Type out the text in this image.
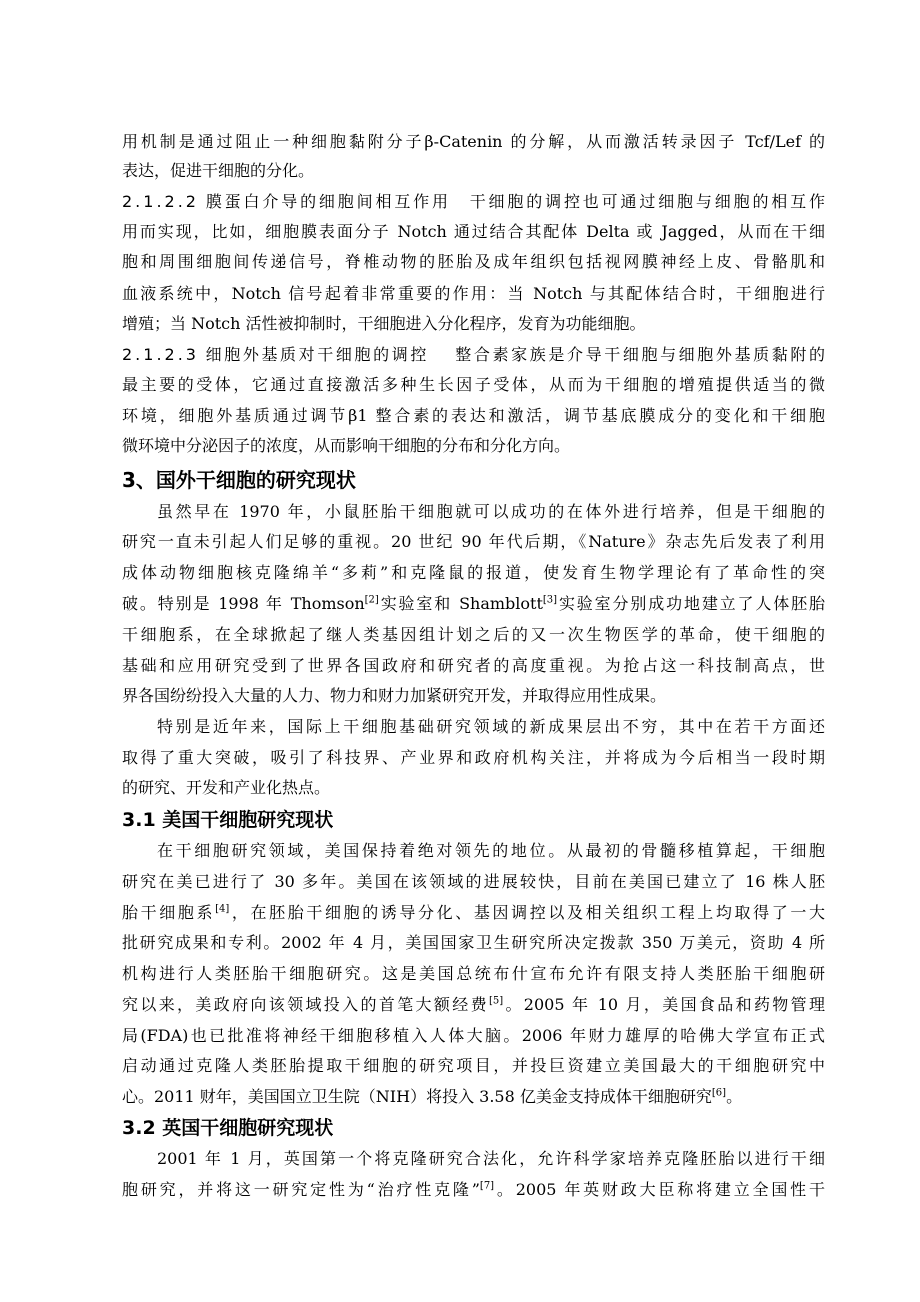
用机制是通过阻止一种细胞黏附分子β-Catenin 的分解，从而激活转录因子 Tcf/Lef 的
表达，促进干细胞的分化。
2.1.2.2 膜蛋白介导的细胞间相互作用　干细胞的调控也可通过细胞与细胞的相互作
用而实现，比如，细胞膜表面分子 Notch 通过结合其配体 Delta 或 Jagged，从而在干细
胞和周围细胞间传递信号，脊椎动物的胚胎及成年组织包括视网膜神经上皮、骨骼肌和
血液系统中，Notch 信号起着非常重要的作用：当 Notch 与其配体结合时，干细胞进行
增殖；当 Notch 活性被抑制时，干细胞进入分化程序，发育为功能细胞。
2.1.2.3 细胞外基质对干细胞的调控　 整合素家族是介导干细胞与细胞外基质黏附的
最主要的受体，它通过直接激活多种生长因子受体，从而为干细胞的增殖提供适当的微
环境，细胞外基质通过调节β1 整合素的表达和激活，调节基底膜成分的变化和干细胞
微环境中分泌因子的浓度，从而影响干细胞的分布和分化方向。
3、国外干细胞的研究现状
虽然早在 1970 年，小鼠胚胎干细胞就可以成功的在体外进行培养，但是干细胞的
研究一直未引起人们足够的重视。20 世纪 90 年代后期，《Nature》杂志先后发表了利用
成体动物细胞核克隆绵羊“多莉”和克隆鼠的报道，使发育生物学理论有了革命性的突
破。特别是 1998 年 Thomson[2]实验室和 Shamblott[3]实验室分别成功地建立了人体胚胎
干细胞系，在全球掀起了继人类基因组计划之后的又一次生物医学的革命，使干细胞的
基础和应用研究受到了世界各国政府和研究者的高度重视。为抢占这一科技制高点，世
界各国纷纷投入大量的人力、物力和财力加紧研究开发，并取得应用性成果。
特别是近年来，国际上干细胞基础研究领域的新成果层出不穷，其中在若干方面还
取得了重大突破，吸引了科技界、产业界和政府机构关注，并将成为今后相当一段时期
的研究、开发和产业化热点。
3.1 美国干细胞研究现状
在干细胞研究领域，美国保持着绝对领先的地位。从最初的骨髓移植算起，干细胞
研究在美已进行了 30 多年。美国在该领域的进展较快，目前在美国已建立了 16 株人胚
胎干细胞系[4]，在胚胎干细胞的诱导分化、基因调控以及相关组织工程上均取得了一大
批研究成果和专利。2002 年 4 月，美国国家卫生研究所决定拨款 350 万美元，资助 4 所
机构进行人类胚胎干细胞研究。这是美国总统布什宣布允许有限支持人类胚胎干细胞研
究以来，美政府向该领域投入的首笔大额经费[5]。2005 年 10 月，美国食品和药物管理
局(FDA)也已批准将神经干细胞移植入人体大脑。2006 年财力雄厚的哈佛大学宣布正式
启动通过克隆人类胚胎提取干细胞的研究项目，并投巨资建立美国最大的干细胞研究中
心。2011 财年，美国国立卫生院（NIH）将投入 3.58 亿美金支持成体干细胞研究[6]。
3.2 英国干细胞研究现状
2001 年 1 月，英国第一个将克隆研究合法化，允许科学家培养克隆胚胎以进行干细
胞研究，并将这一研究定性为“治疗性克隆”[7]。2005 年英财政大臣称将建立全国性干
